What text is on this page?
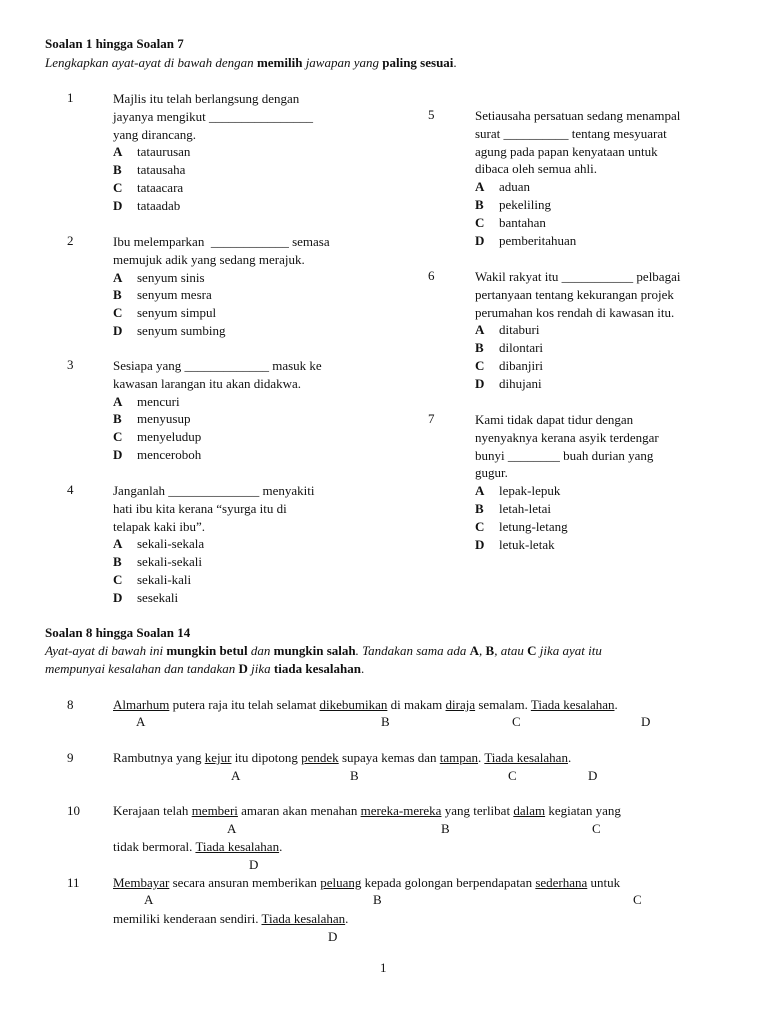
Soalan 1 hingga Soalan 7
Lengkapkan ayat-ayat di bawah dengan memilih jawapan yang paling sesuai.
1	Majlis itu telah berlangsung dengan
jayanya mengikut ________________
yang dirancang.
A tataurusan
B tatausaha
C tataacara
D tataadab
2	Ibu melemparkan  ____________ semasa
memujuk adik yang sedang merajuk.
A senyum sinis
B senyum mesra
C senyum simpul
D senyum sumbing
3	Sesiapa yang _____________ masuk ke
kawasan larangan itu akan didakwa.
A mencuri
B menyusup
C menyeludup
D menceroboh
4	Janganlah ______________ menyakiti
hati ibu kita kerana “syurga itu di
telapak kaki ibu”.
A sekali-sekala
B sekali-sekali
C sekali-kali
D sesekali
5	Setiausaha persatuan sedang menampal
surat __________ tentang mesyuarat
agung pada papan kenyataan untuk
dibaca oleh semua ahli.
A aduan
B pekeliling
C bantahan
D pemberitahuan
6	Wakil rakyat itu ___________ pelbagai
pertanyaan tentang kekurangan projek
perumahan kos rendah di kawasan itu.
A ditaburi
B dilontari
C dibanjiri
D dihujani
7	Kami tidak dapat tidur dengan
nyenyaknya kerana asyik terdengar
bunyi ________ buah durian yang
gugur.
A lepak-lepuk
B letah-letai
C letung-letang
D letuk-letak
Soalan 8 hingga Soalan 14
Ayat-ayat di bawah ini mungkin betul dan mungkin salah. Tandakan sama ada A, B, atau C jika ayat itu
mempunyai kesalahan dan tandakan D jika tiada kesalahan.
8	Almarhum putera raja itu telah selamat dikebumikan di makam diraja semalam. Tiada kesalahan.
A	B	C	D
9	Rambutnya yang kejur itu dipotong pendek supaya kemas dan tampan. Tiada kesalahan.
A	B	C	D
10	Kerajaan telah memberi amaran akan menahan mereka-mereka yang terlibat dalam kegiatan yang
A	B	C
tidak bermoral. Tiada kesalahan.
D
11	Membayar secara ansuran memberikan peluang kepada golongan berpendapatan sederhana untuk
A	B	C
memiliki kenderaan sendiri. Tiada kesalahan.
D
1
